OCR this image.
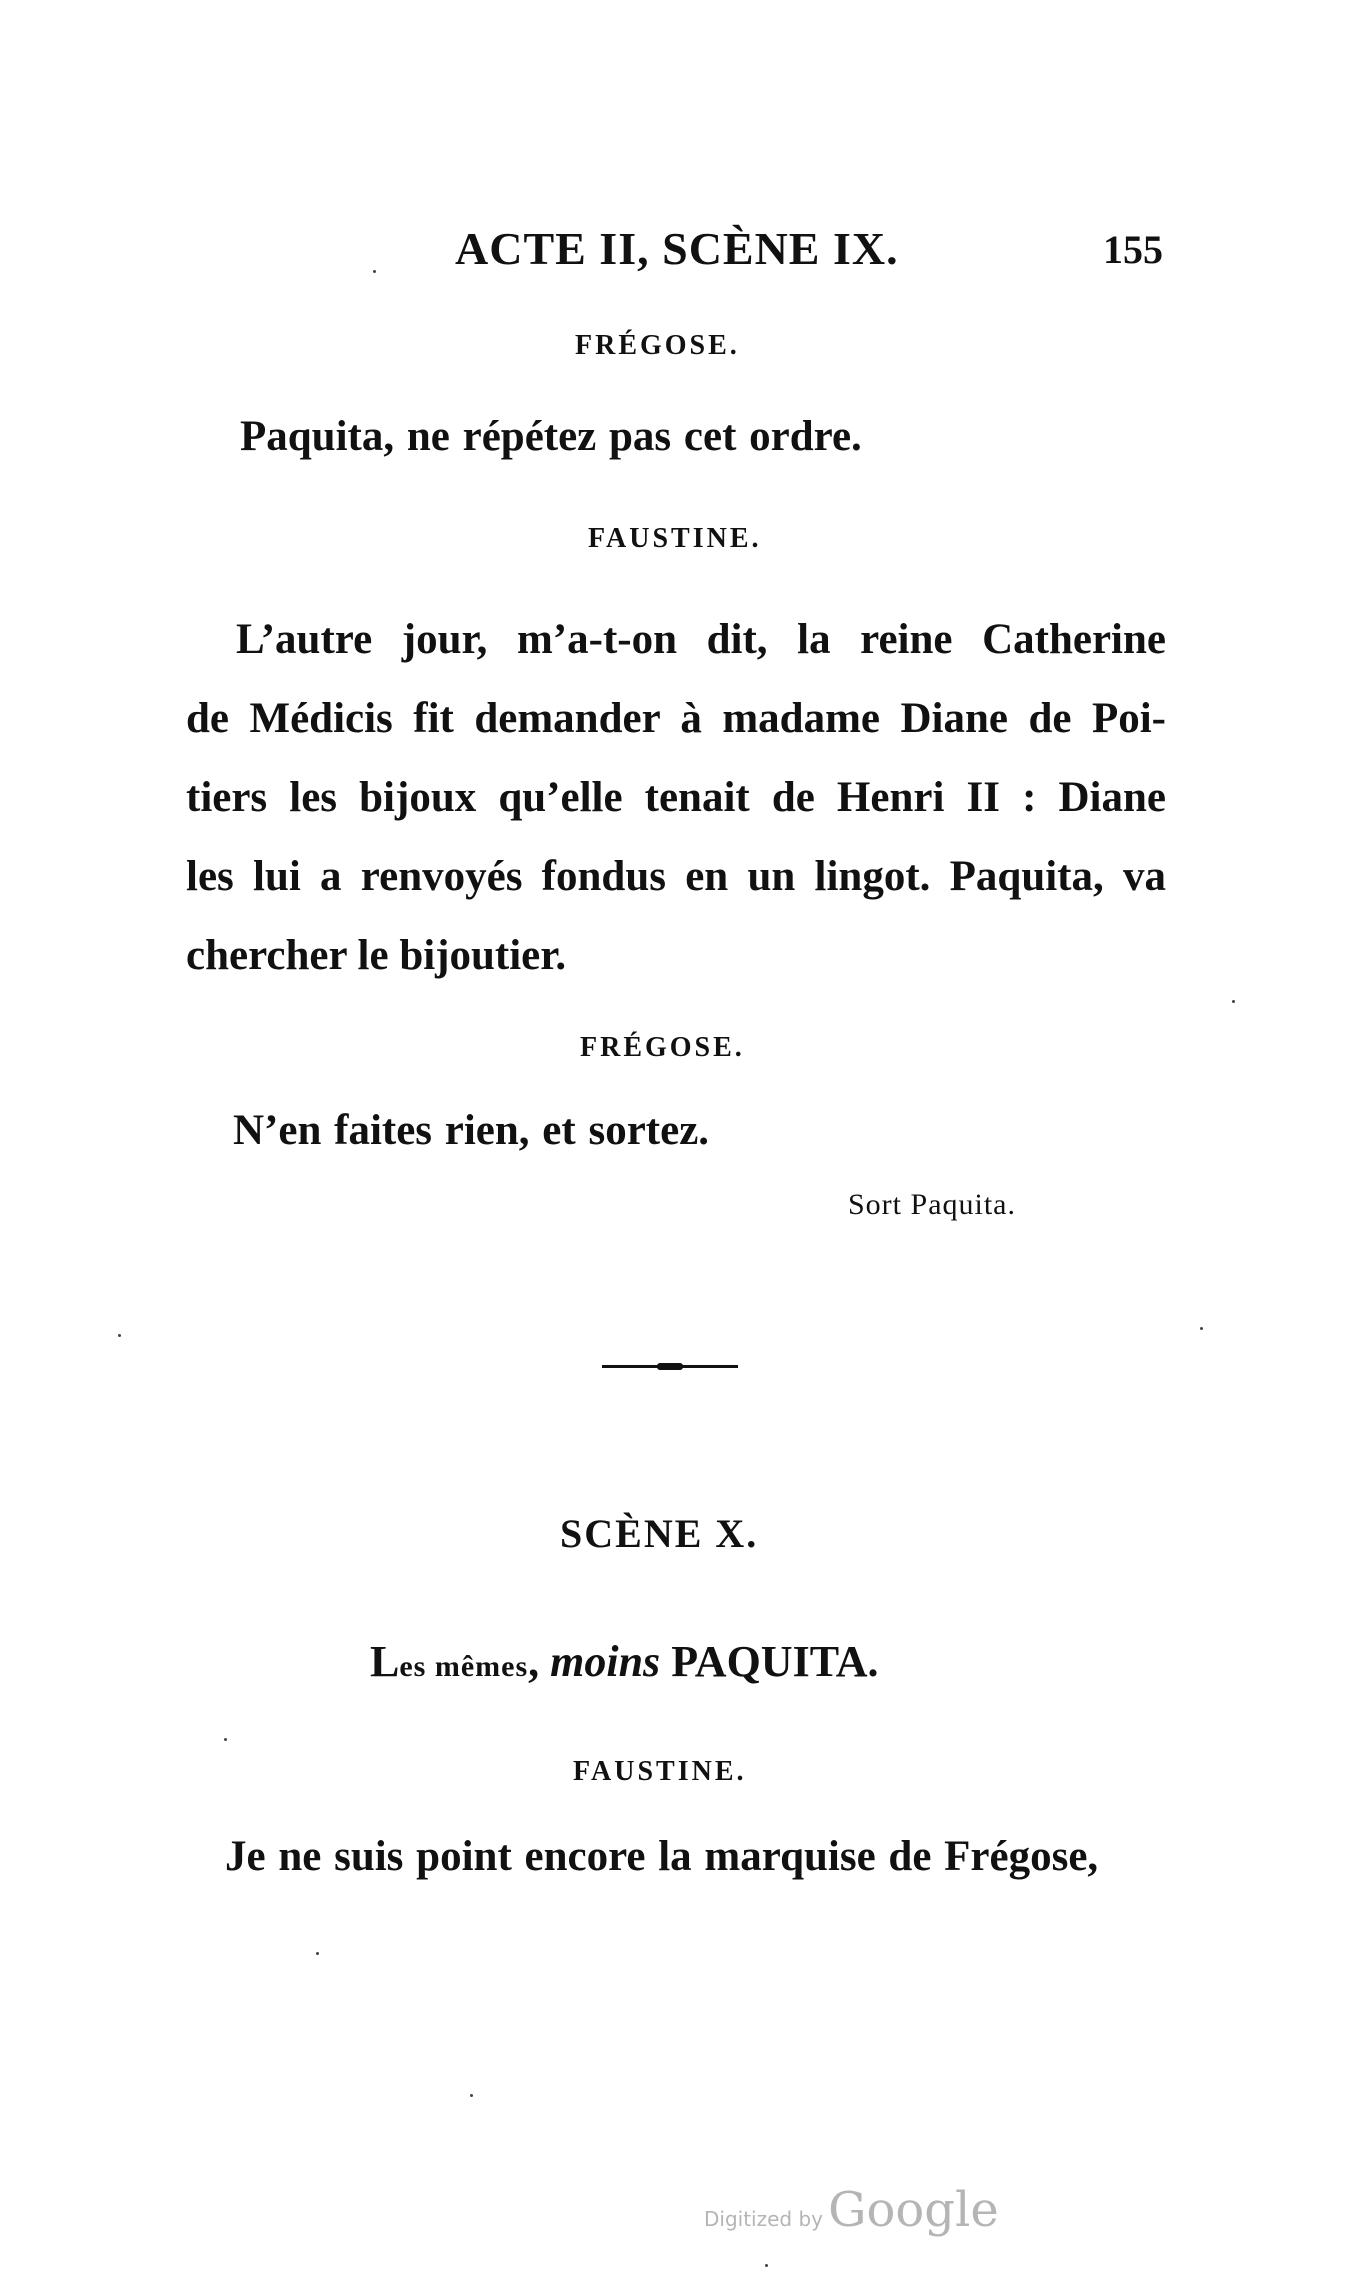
ACTE II, SCÈNE IX.	155
FRÉGOSE.
Paquita, ne répétez pas cet ordre.
FAUSTINE.
L’autre jour, m’a-t-on dit, la reine Catherine
de Médicis fit demander à madame Diane de Poi-
tiers les bijoux qu’elle tenait de Henri II : Diane
les lui a renvoyés fondus en un lingot. Paquita, va
chercher le bijoutier.
FRÉGOSE.
N’en faites rien, et sortez.
Sort Paquita.
SCÈNE X.
Les mêmes, moins PAQUITA.
FAUSTINE.
Je ne suis point encore la marquise de Frégose,
Digitized by Google
